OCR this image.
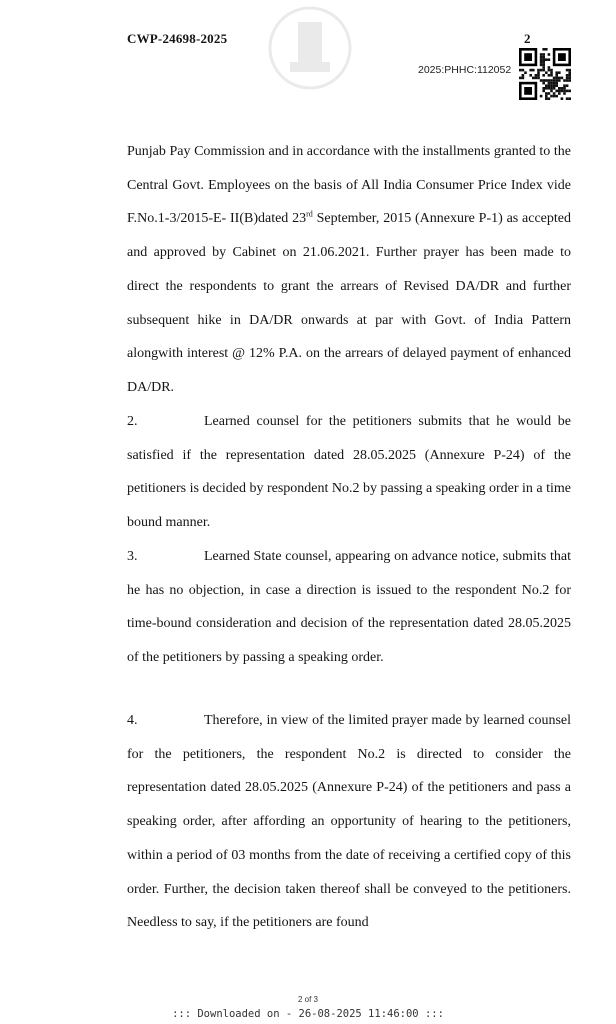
CWP-24698-2025	2
2025:PHHC:112052

Punjab Pay Commission and in accordance with the installments granted to the Central Govt. Employees on the basis of All India Consumer Price Index vide F.No.1-3/2015-E- II(B)dated 23rd September, 2015 (Annexure P-1) as accepted and approved by Cabinet on 21.06.2021. Further prayer has been made to direct the respondents to grant the arrears of Revised DA/DR and further subsequent hike in DA/DR onwards at par with Govt. of India Pattern alongwith interest @ 12% P.A. on the arrears of delayed payment of enhanced DA/DR.

2.	Learned counsel for the petitioners submits that he would be satisfied if the representation dated 28.05.2025 (Annexure P-24) of the petitioners is decided by respondent No.2 by passing a speaking order in a time bound manner.

3.	Learned State counsel, appearing on advance notice, submits that he has no objection, in case a direction is issued to the respondent No.2 for time-bound consideration and decision of the representation dated 28.05.2025 of the petitioners by passing a speaking order.

4.	Therefore, in view of the limited prayer made by learned counsel for the petitioners, the respondent No.2 is directed to consider the representation dated 28.05.2025 (Annexure P-24) of the petitioners and pass a speaking order, after affording an opportunity of hearing to the petitioners, within a period of 03 months from the date of receiving a certified copy of this order. Further, the decision taken thereof shall be conveyed to the petitioners. Needless to say, if the petitioners are found

2 of 3
::: Downloaded on - 26-08-2025 11:46:00 :::
